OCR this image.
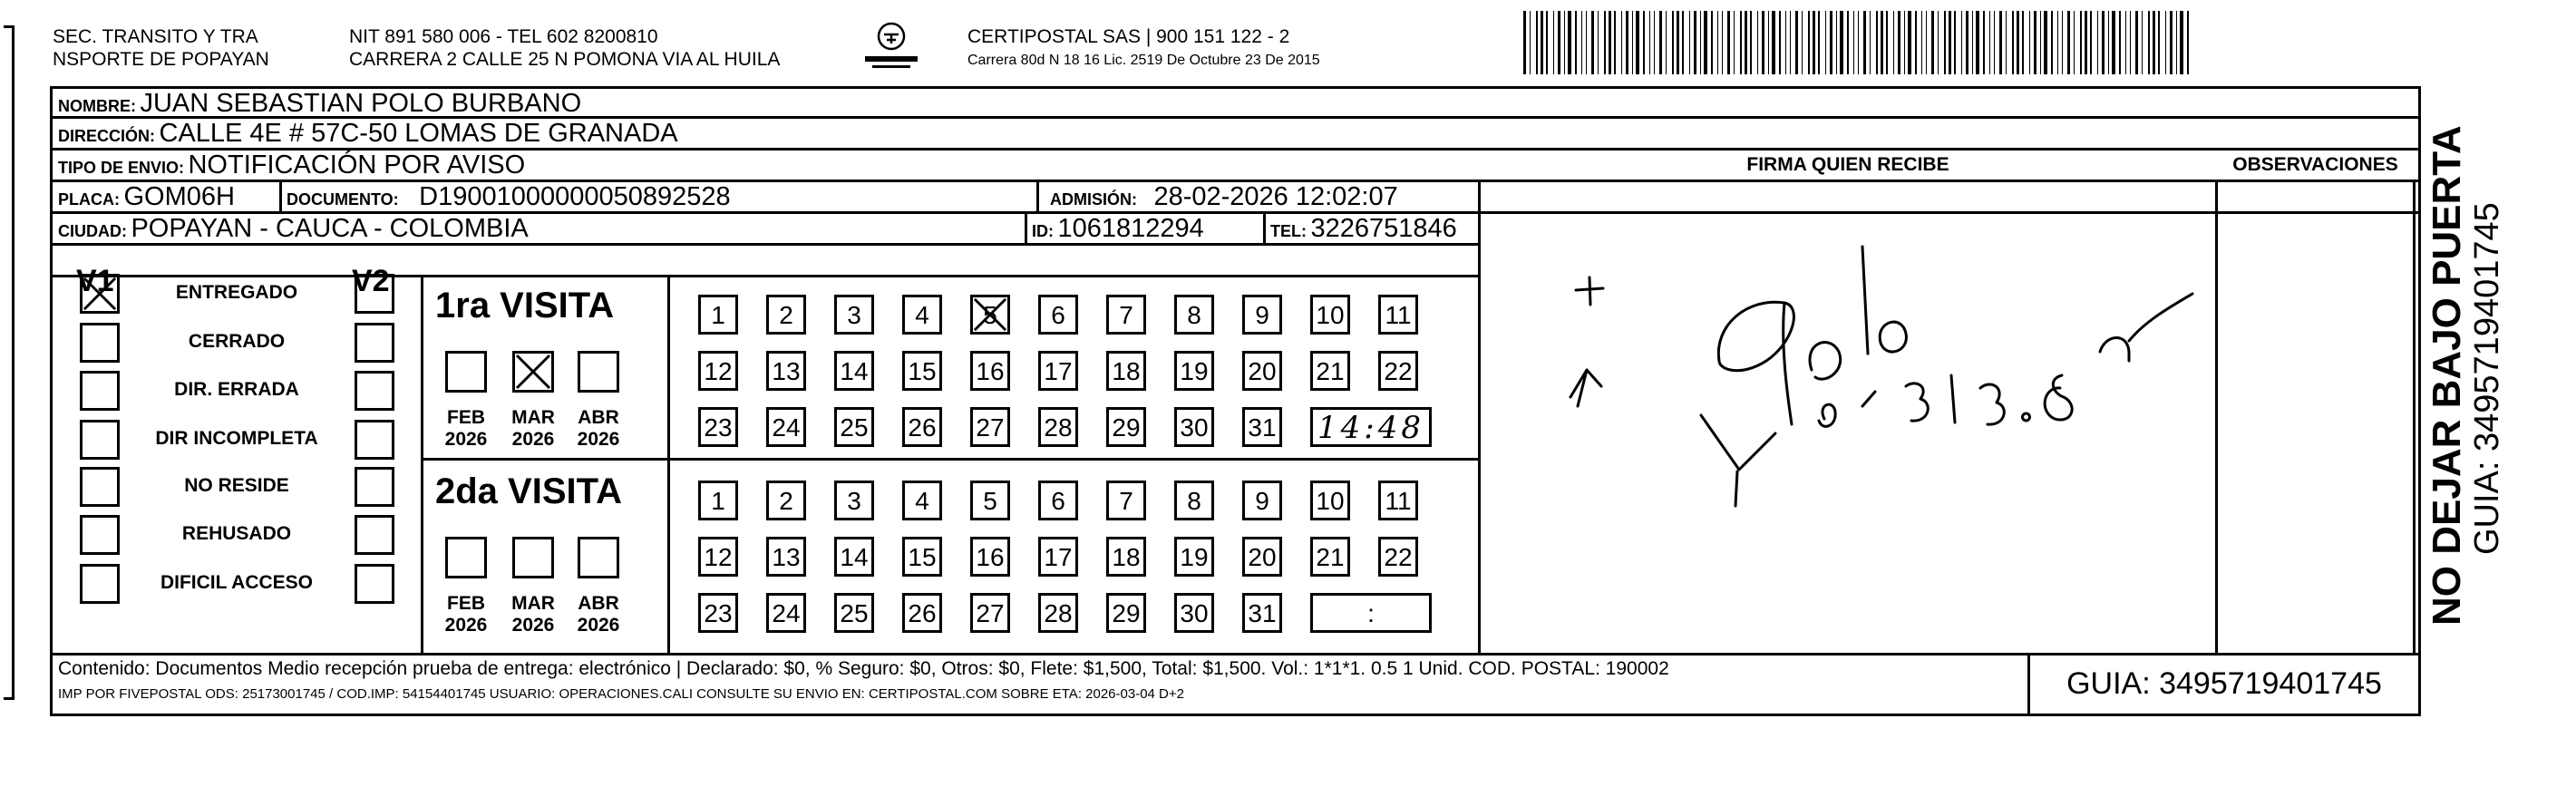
SEC. TRANSITO Y TRA
NSPORTE DE POPAYAN
NIT 891 580 006 - TEL 602 8200810
CARRERA 2 CALLE 25 N POMONA VIA AL HUILA
CERTIPOSTAL SAS | 900 151 122 - 2
Carrera 80d N 18 16 Lic. 2519 De Octubre 23 De 2015
NOMBRE: JUAN SEBASTIAN POLO BURBANO
DIRECCIÓN: CALLE 4E # 57C-50 LOMAS DE GRANADA
TIPO DE ENVIO: NOTIFICACIÓN POR AVISO	FIRMA QUIEN RECIBE	OBSERVACIONES
PLACA: GOM06H	DOCUMENTO: D19001000000050892528	ADMISIÓN: 28-02-2026 12:02:07
CIUDAD: POPAYAN - CAUCA - COLOMBIA	ID: 1061812294	TEL: 3226751846
V1	V2
ENTREGADO
CERRADO
DIR. ERRADA
DIR INCOMPLETA
NO RESIDE
REHUSADO
DIFICIL ACCESO
1ra VISITA
FEB
2026
MAR
2026
ABR
2026
1	2	3	4	5	6	7	8	9	10 11
12 13 14 15 16 17 18 19 20 21 22
23 24 25 26 27 28 29 30 31 14:48
2da VISITA
FEB
2026
MAR
2026
ABR
2026
1	2	3	4	5	6	7	8	9	10 11
12 13 14 15 16 17 18 19 20 21 22
23 24 25 26 27 28 29 30 31	:
Contenido: Documentos Medio recepción prueba de entrega: electrónico | Declarado: $0, % Seguro: $0, Otros: $0, Flete: $1,500, Total: $1,500. Vol.: 1*1*1. 0.5 1 Unid. COD. POSTAL: 190002
IMP POR FIVEPOSTAL ODS: 25173001745 / COD.IMP: 54154401745 USUARIO: OPERACIONES.CALI CONSULTE SU ENVIO EN: CERTIPOSTAL.COM SOBRE ETA: 2026-03-04 D+2	GUIA: 3495719401745
NO DEJAR BAJO PUERTA GUIA: 3495719401745
